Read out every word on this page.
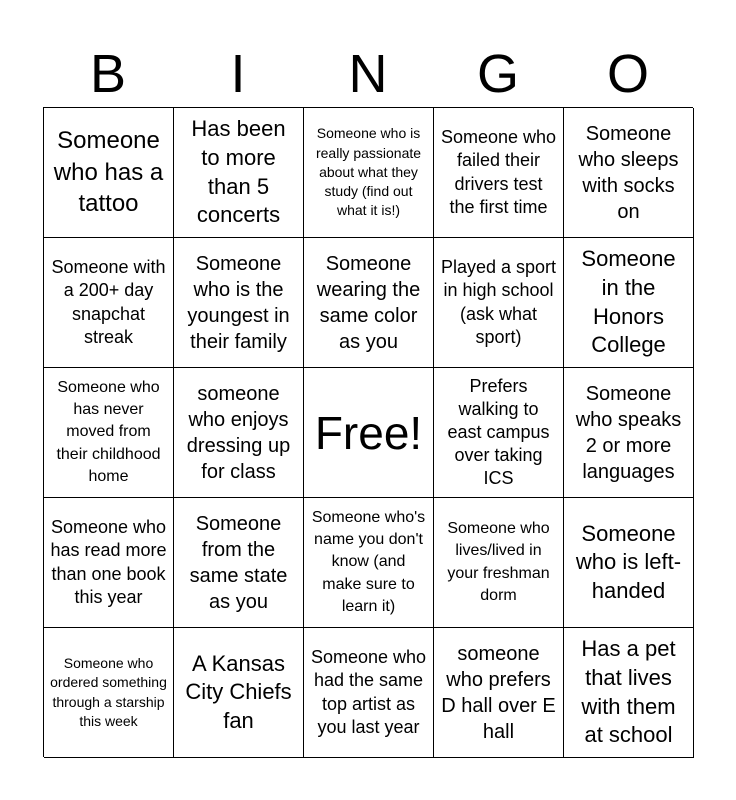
B	I	N	G	O
Someone who has a tattoo
Has been to more than 5 concerts
Someone who is really passionate about what they study (find out what it is!)
Someone who failed their drivers test the first time
Someone who sleeps with socks on
Someone with a 200+ day snapchat streak
Someone who is the youngest in their family
Someone wearing the same color as you
Played a sport in high school (ask what sport)
Someone in the Honors College
Someone who has never moved from their childhood home
someone who enjoys dressing up for class
Free!
Prefers walking to east campus over taking ICS
Someone who speaks 2 or more languages
Someone who has read more than one book this year
Someone from the same state as you
Someone who's name you don't know (and make sure to learn it)
Someone who lives/lived in your freshman dorm
Someone who is left-handed
Someone who ordered something through a starship this week
A Kansas City Chiefs fan
Someone who had the same top artist as you last year
someone who prefers D hall over E hall
Has a pet that lives with them at school
